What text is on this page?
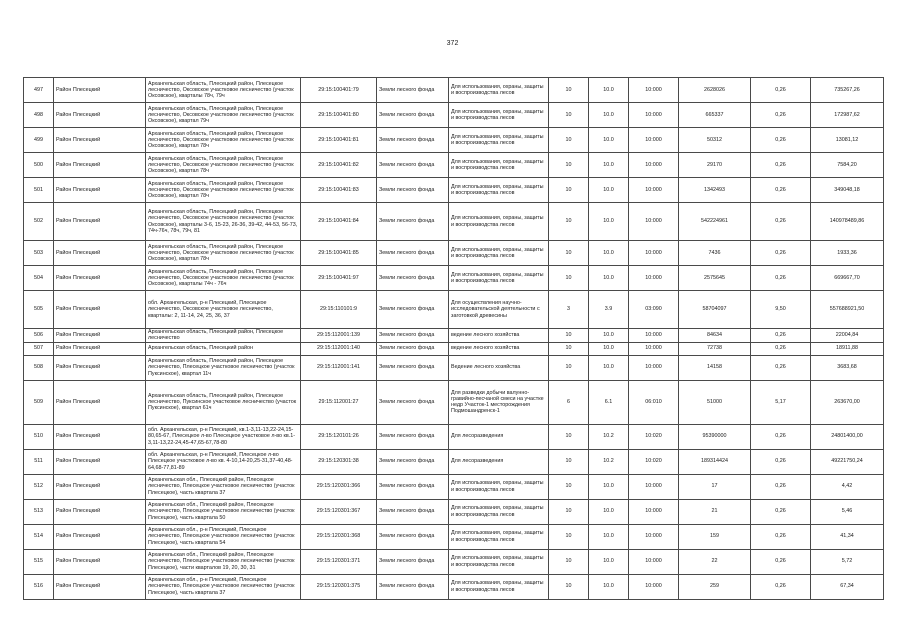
372
497	Район Плесецкий	Архангельская область, Плесецкий район, Плесецкое лесничество, Оксовское участковое лесничество (участок Оксовское), кварталы 78ч, 79ч	29:15:100401:79	Земли лесного фонда	Для использования, охраны, защиты и воспроизводства лесов	10	10.0	10:000	2628026	0,26	735267,26
498	Район Плесецкий	Архангельская область, Плесецкий район, Плесецкое лесничество, Оксовское участковое лесничество (участок Оксовское), квартал 79ч	29:15:100401:80	Земли лесного фонда	Для использования, охраны, защиты и воспроизводства лесов	10	10.0	10:000	665337	0,26	172987,62
499	Район Плесецкий	Архангельская область, Плесецкий район, Плесецкое лесничество, Оксовское участковое лесничество (участок Оксовское), квартал 78ч	29:15:100401:81	Земли лесного фонда	Для использования, охраны, защиты и воспроизводства лесов	10	10.0	10:000	50312	0,26	13081,12
500	Район Плесецкий	Архангельская область, Плесецкий район, Плесецкое лесничество, Оксовское участковое лесничество (участок Оксовское), квартал 78ч	29:15:100401:82	Земли лесного фонда	Для использования, охраны, защиты и воспроизводства лесов	10	10.0	10:000	29170	0,26	7584,20
501	Район Плесецкий	Архангельская область, Плесецкий район, Плесецкое лесничество, Оксовское участковое лесничество (участок Оксовское), квартал 78ч	29:15:100401:83	Земли лесного фонда	Для использования, охраны, защиты и воспроизводства лесов	10	10.0	10:000	1342493	0,26	349048,18
502	Район Плесецкий	Архангельская область, Плесецкий район, Плесецкое лесничество, Оксовское участковое лесничество (участок Оксовское), кварталы 3-6, 15-23, 26-36, 39-42, 44-53, 56-73, 74ч-76ч, 78ч, 79ч, 81	29:15:100401:84	Земли лесного фонда	Для использования, охраны, защиты и воспроизводства лесов	10	10.0	10:000	542224961	0,26	140978489,86
503	Район Плесецкий	Архангельская область, Плесецкий район, Плесецкое лесничество, Оксовское участковое лесничество (участок Оксовское), квартал 78ч	29:15:100401:85	Земли лесного фонда	Для использования, охраны, защиты и воспроизводства лесов	10	10.0	10:000	7436	0,26	1933,36
504	Район Плесецкий	Архангельская область, Плесецкий район, Плесецкое лесничество, Оксовское участковое лесничество (участок Оксовское), кварталы 74ч - 76ч	29:15:100401:97	Земли лесного фонда	Для использования, охраны, защиты и воспроизводства лесов	10	10.0	10:000	2575645	0,26	669667,70
505	Район Плесецкий	обл. Архангельская, р-н Плесецкий, Плесецкое лесничество, Оксовское участковое лесничество, кварталы: 2, 11-14, 24, 25, 36, 37	29:15:110101:9	Земли лесного фонда	Для осуществления научно-исследовательской деятельности с заготовкой древесины	3	3.9	03:090	58704097	9,50	557688921,50
506	Район Плесецкий	Архангельская область, Плесецкий район, Плесецкое лесничество	29:15:112001:139	Земли лесного фонда	ведение лесного хозяйства	10	10.0	10:000	84634	0,26	22004,84
507	Район Плесецкий	Архангельская область, Плесецкий район	29:15:112001:140	Земли лесного фонда	ведение лесного хозяйства	10	10.0	10:000	72738	0,26	18911,88
508	Район Плесецкий	Архангельская область, Плесецкий район, Плесецкое лесничество, Плесецкое участковое лесничество (участок Пуксинское), квартал 11ч	29:15:112001:141	Земли лесного фонда	Ведение лесного хозяйства	10	10.0	10:000	14158	0,26	3683,68
509	Район Плесецкий	Архангельская область, Плесецкий район, Плесецкое лесничество, Пуксинское участковое лесничество (участок Пуксинское), квартал 61ч	29:15:112001:27	Земли лесного фонда	Для разведки добычи валунно-гравийно-песчаной смеси на участке недр Участок-1 месторождения Подмошандренск-1	6	6.1	06:010	51000	5,17	263670,00
510	Район Плесецкий	обл. Архангельская, р-н Плесецкий, кв.1-3,11-13,22-24,15-80,65-67, Плесецкое л-во Плесецкое участковое л-во кв.1-3,11-13,22-24,45-47,65-67,78-80	29:15:120101:26	Земли лесного фонда	Для лесоразведения	10	10.2	10:020	95390000	0,26	24801400,00
511	Район Плесецкий	обл. Архангельская, р-н Плесецкий, Плесецкое л-во Плесецкое участковое л-во кв. 4-10,14-20,25-31,37-40,48-64,68-77,81-89	29:15:120301:38	Земли лесного фонда	Для лесоразведения	10	10.2	10:020	189314424	0,26	49221750,24
512	Район Плесецкий	Архангельская обл., Плесецкий район, Плесецкое лесничество, Плесецкое участковое лесничество (участок Плесецкое), часть квартала 37	29:15:120301:366	Земли лесного фонда	Для использования, охраны, защиты и воспроизводства лесов	10	10.0	10:000	17	0,26	4,42
513	Район Плесецкий	Архангельская обл., Плесецкий район, Плесецкое лесничество, Плесецкое участковое лесничество (участок Плесецкое), часть квартала 50	29:15:120301:367	Земли лесного фонда	Для использования, охраны, защиты и воспроизводства лесов	10	10.0	10:000	21	0,26	5,46
514	Район Плесецкий	Архангельская обл., р-н Плесецкий, Плесецкое лесничество, Плесецкое участковое лесничество (участок Плесецкое), часть квартала 54	29:15:120301:368	Земли лесного фонда	Для использования, охраны, защиты и воспроизводства лесов	10	10.0	10:000	159	0,26	41,34
515	Район Плесецкий	Архангельская обл., Плесецкий район, Плесецкое лесничество, Плесецкое участковое лесничество (участок Плесецкое), части кварталов 19, 20, 30, 31	29:15:120301:371	Земли лесного фонда	Для использования, охраны, защиты и воспроизводства лесов	10	10.0	10:000	22	0,26	5,72
516	Район Плесецкий	Архангельская обл., р-н Плесецкий, Плесецкое лесничество, Плесецкое участковое лесничество (участок Плесецкое), часть квартала 37	29:15:120301:375	Земли лесного фонда	Для использования, охраны, защиты и воспроизводства лесов	10	10.0	10:000	259	0,26	67,34
